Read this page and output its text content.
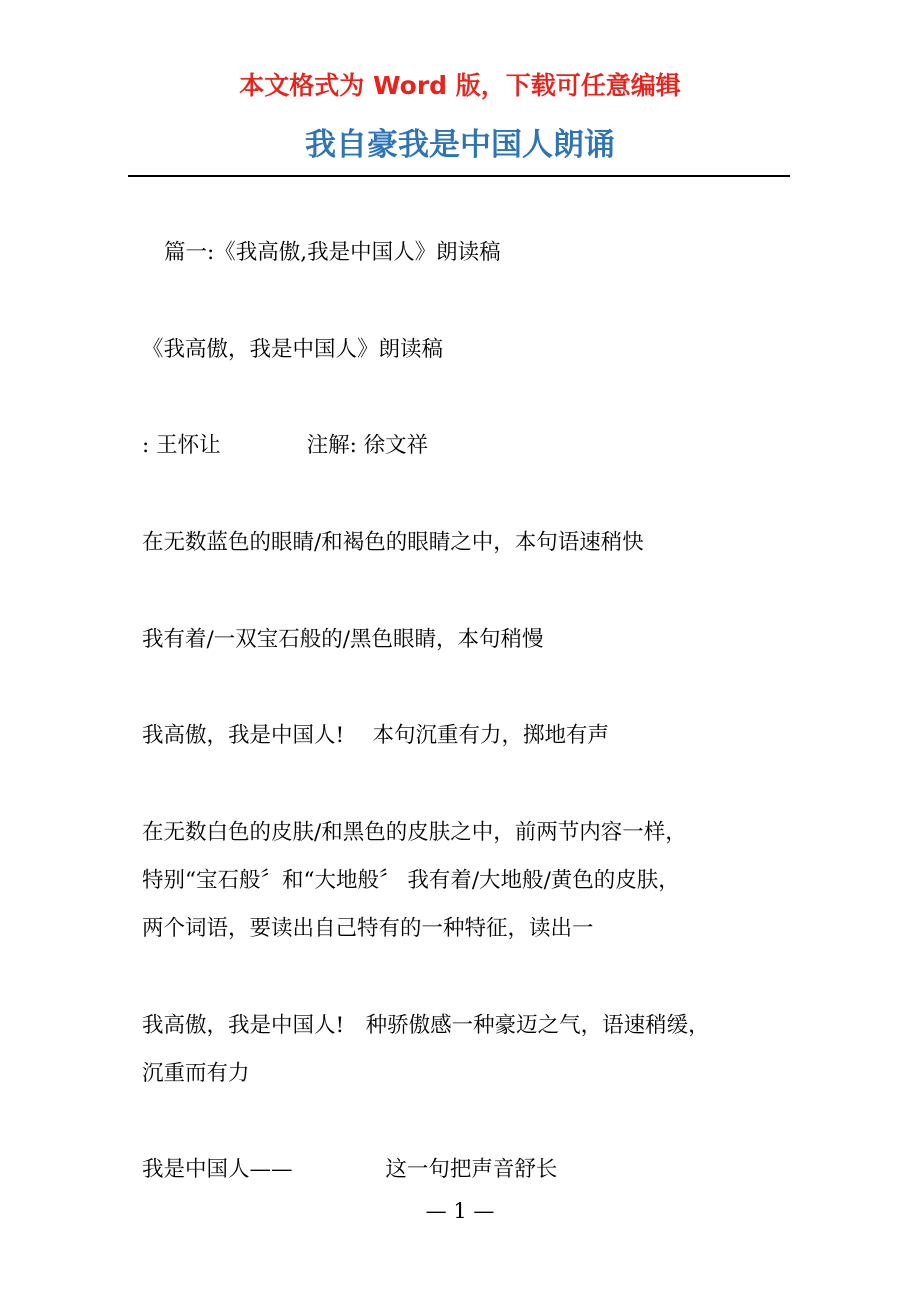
本文格式为 Word 版，下载可任意编辑
我自豪我是中国人朗诵
篇一:《我高傲,我是中国人》朗读稿
《我高傲，我是中国人》朗读稿
: 王怀让　　　　注解: 徐文祥
在无数蓝色的眼睛/和褐色的眼睛之中，本句语速稍快
我有着/一双宝石般的/黑色眼睛，本句稍慢
我高傲，我是中国人!　 本句沉重有力，掷地有声
在无数白色的皮肤/和黑色的皮肤之中，前两节内容一样，
特别“宝石般〞和“大地般〞 我有着/大地般/黄色的皮肤，
两个词语，要读出自己特有的一种特征，读出一
我高傲，我是中国人!　种骄傲感一种豪迈之气，语速稍缓，
沉重而有力
我是中国人——　　　　 这一句把声音舒长
— 1 —
